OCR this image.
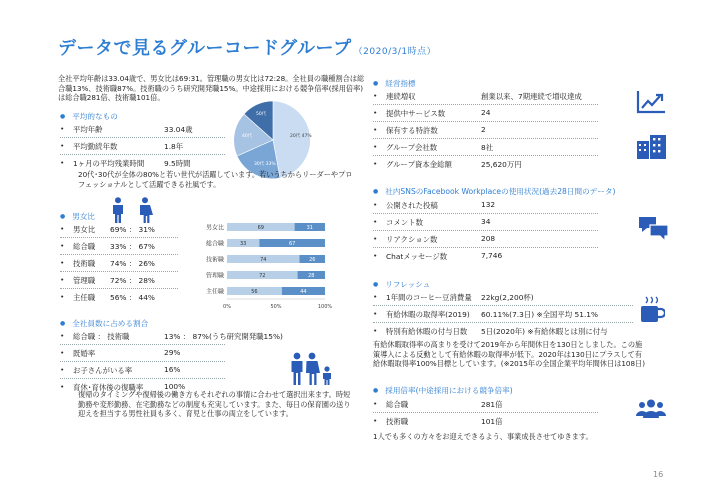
データで見るグルーコードグループ （2020/3/1時点）
全社平均年齢は33.04歳で、男女比は69:31。管理職の男女比は72:28。全社員の職種割合は総合職13%、技術職87%。技術職のうち研究開発職15%。中途採用における競争倍率(採用倍率)は総合職281倍、技術職101倍。
● 平均的なもの
• 平均年齢	33.04歳
• 平均勤続年数	1.8年
• 1ヶ月の平均残業時間	9.5時間
20代 47%
30代 33%
40代
50代
20代･30代が全体の80%と若い世代が活躍しています。若いうちからリーダーやプロフェッショナルとして活躍できる社風です。
● 男女比
• 男女比 69% ： 31%
• 総合職 33% ： 67%
• 技術職 74% ： 26%
• 管理職 72% ： 28%
• 主任職 56% ： 44%
男女比	69	31
総合職	33	67
技術職	74	26
管理職	72	28
主任職	56	44
0%	50%	100%
● 全社員数に占める割合
• 総合職 ： 技術職	13% ： 87%(うち研究開発職15%)
• 既婚率	29%
• お子さんがいる率	16%
• 育休･育休後の復職率	100%
復帰のタイミングや復帰後の働き方もそれぞれの事情に合わせて選択出来ます。時短勤務や変形勤務、在宅勤務などの制度も充実しています。また、毎日の保育園の送り迎えを担当する男性社員も多く、育児と仕事の両立をしています。
● 経営指標
• 連続増収	創業以来、7期連続で増収達成
• 提供中サービス数	24
• 保有する特許数	2
• グループ会社数	8社
• グループ資本金総額	25,620万円
● 社内SNSのFacebook Workplaceの使用状況(過去28日間のデータ)
• 公開された投稿	132
• コメント数	34
• リアクション数	208
• Chatメッセージ数	7,746
● リフレッシュ
• 1年間のコーヒー豆消費量 22kg(2,200杯)
• 有給休暇の取得率(2019) 60.11%(7.3日) ※全国平均 51.1%
• 特別有給休暇の付与日数 5日(2020年) ※有給休暇とは別に付与
有給休暇取得率の高まりを受けて2019年から年間休日を130日としました。この施策導入による反動として有給休暇の取得率が低下。2020年は130日にプラスして有給休暇取得率100%目標としています。(※2015年の全国企業平均年間休日は108日)
● 採用倍率(中途採用における競争倍率)
• 総合職	281倍
• 技術職	101倍
1人でも多くの方々をお迎えできるよう、事業成長させてゆきます。
16
